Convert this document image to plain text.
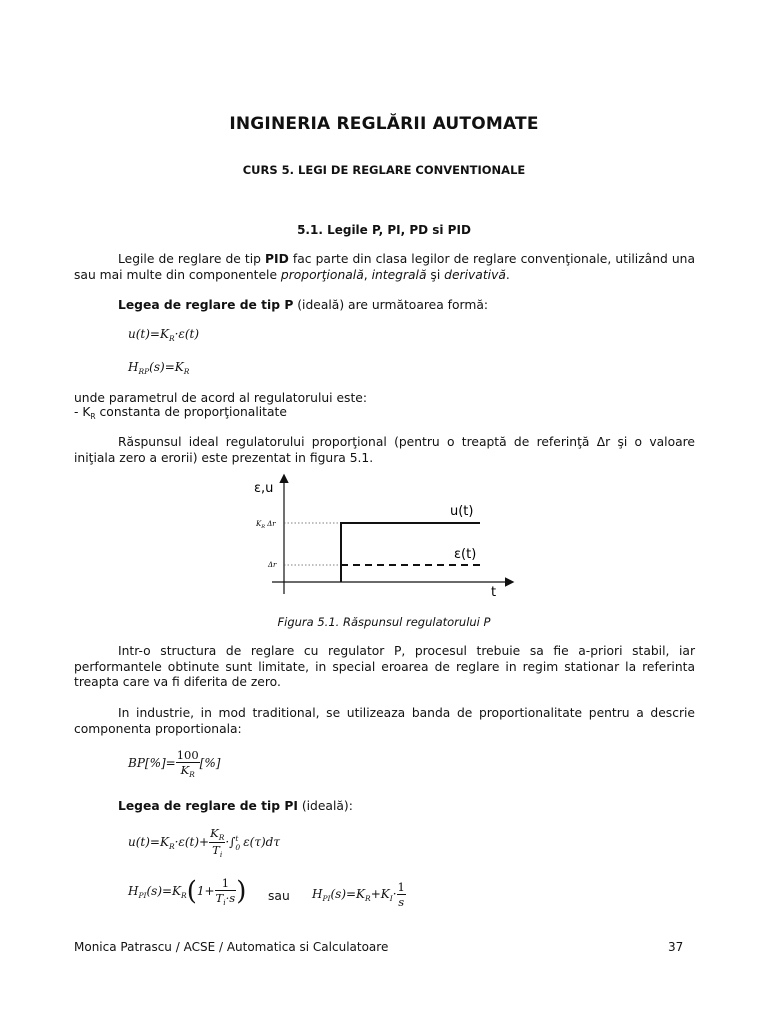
INGINERIA REGLĂRII AUTOMATE
CURS 5. LEGI DE REGLARE CONVENTIONALE
5.1. Legile P, PI, PD si PID
Legile de reglare de tip PID fac parte din clasa legilor de reglare convenţionale, utilizând una sau mai multe din componentele proporţională, integrală şi derivativă.
Legea de reglare de tip P (ideală) are următoarea formă:
$u(t)=K_R\cdot\varepsilon(t)$
$H_{RP}(s)=K_R$
unde parametrul de acord al regulatorului este:
- $K_R$ constanta de proporţionalitate
Răspunsul ideal regulatorului proporţional (pentru o treaptă de referinţă Δr şi o valoare iniţiala zero a erorii) este prezentat in figura 5.1.
ε,u
t
u(t)
ε(t)
$K_R$ Δr
Δr
Figura 5.1. Răspunsul regulatorului P
Intr-o structura de reglare cu regulator P, procesul trebuie sa fie a-priori stabil, iar performantele obtinute sunt limitate, in special eroarea de reglare in regim stationar la referinta treapta care va fi diferita de zero.
In industrie, in mod traditional, se utilizeaza banda de proportionalitate pentru a descrie componenta proportionala:
$BP[\%]= \frac{100}{K_R}$ [%]
Legea de reglare de tip PI (ideală):
$u(t)=K_R\cdot\varepsilon(t)+ \frac{K_R}{T_i}$ ·∫ t
0 ε(τ)dτ
$H_{PI}(s)=K_R(1+ \frac{1}{T_i\cdot s}$ ) sau $H_{PI}(s)=K_R+K_I\cdot \frac{1}{s}$
Monica Patrascu / ACSE / Automatica si Calculatoare	37
